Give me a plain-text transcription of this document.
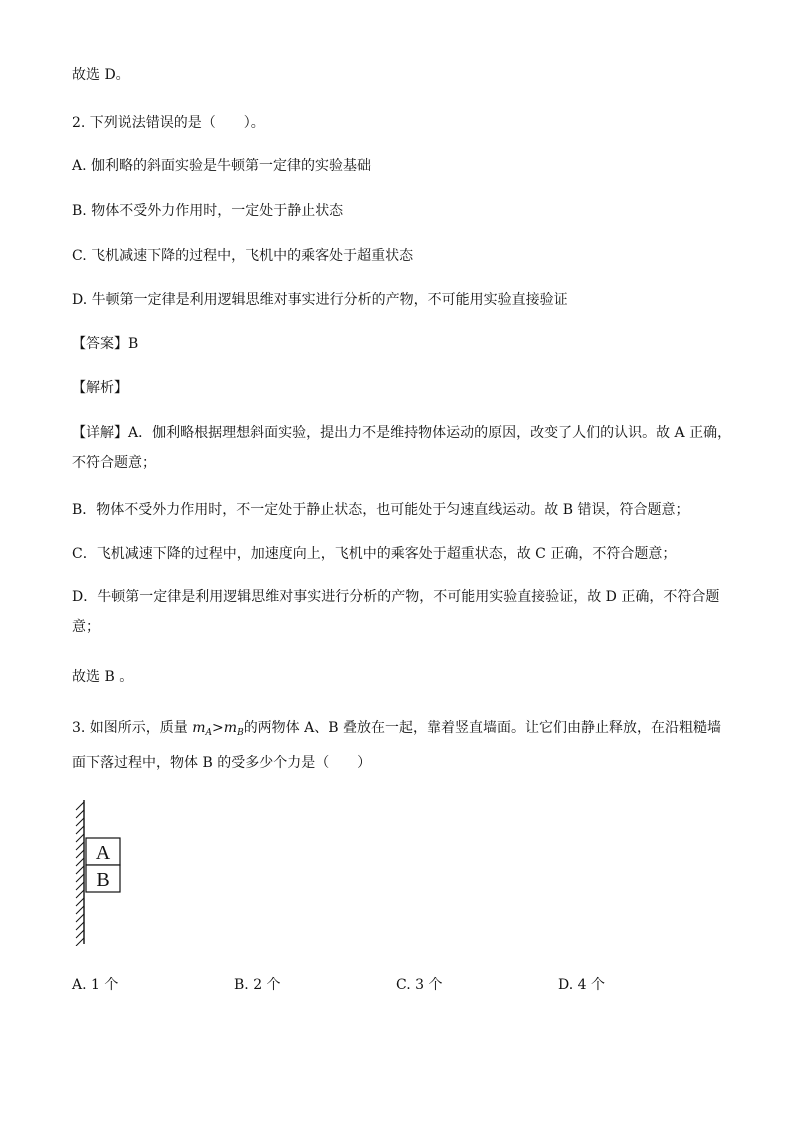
故选 D。
2. 下列说法错误的是（　　）。
A. 伽利略的斜面实验是牛顿第一定律的实验基础
B. 物体不受外力作用时，一定处于静止状态
C. 飞机减速下降的过程中，飞机中的乘客处于超重状态
D. 牛顿第一定律是利用逻辑思维对事实进行分析的产物，不可能用实验直接验证
【答案】B
【解析】
【详解】A．伽利略根据理想斜面实验，提出力不是维持物体运动的原因，改变了人们的认识。故 A 正确，不符合题意；
B．物体不受外力作用时，不一定处于静止状态，也可能处于匀速直线运动。故 B 错误，符合题意；
C．飞机减速下降的过程中，加速度向上，飞机中的乘客处于超重状态，故 C 正确，不符合题意；
D．牛顿第一定律是利用逻辑思维对事实进行分析的产物，不可能用实验直接验证，故 D 正确，不符合题意；
故选 B 。
3. 如图所示，质量 $m_A>m_B$的两物体 A、B 叠放在一起，靠着竖直墙面。让它们由静止释放，在沿粗糙墙面下落过程中，物体 B 的受多少个力是（　　）
A
B
A. 1 个	B. 2 个	C. 3 个	D. 4 个
